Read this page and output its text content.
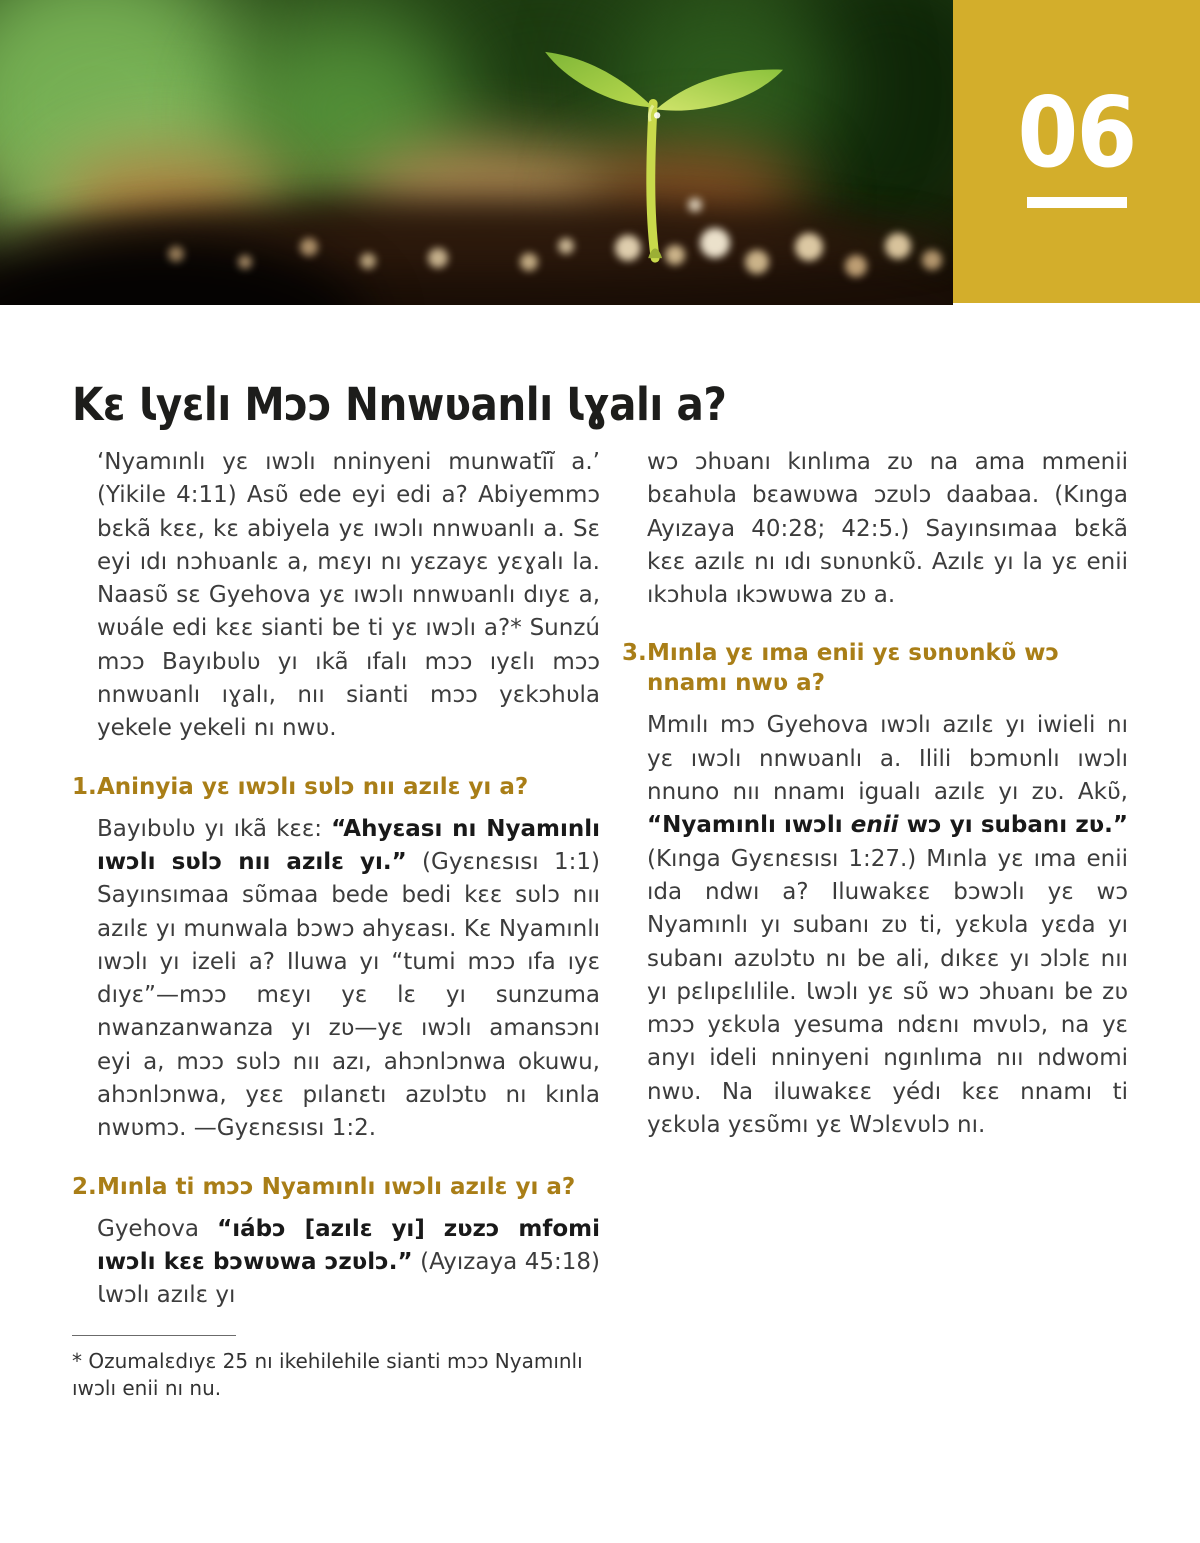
06
Kɛ Ɩyɛlı Mɔɔ Nnwʋanlı Ɩɣalı a?

‘Nyamınlı yɛ ıwɔlı nninyeni munwatĩĩ a.’ (Yikile 4:11) Asʋ̃ ede eyi edi a? Abiyemmɔ bɛkã kɛɛ, kɛ abiyela yɛ ıwɔlı nnwʋanlı a. Sɛ eyi ıdı nɔhʋanlɛ a, mɛyı nı yɛzayɛ yɛɣalı la. Naasʋ̃ sɛ Gyehova yɛ ıwɔlı nnwʋanlı dıyɛ a, wʋále edi kɛɛ sianti be ti yɛ ıwɔlı a?* Sunzú mɔɔ Bayıbʋlʋ yı ıkã ıfalı mɔɔ ıyɛlı mɔɔ nnwʋanlı ıɣalı, nıı sianti mɔɔ yɛkɔhʋla yekele yekeli nı nwʋ.

1. Aninyia yɛ ıwɔlı sʋlɔ nıı azılɛ yı a?

Bayıbʋlʋ yı ıkã kɛɛ: “Ahyɛası nı Nyamınlı ıwɔlı sʋlɔ nıı azılɛ yı.” (Gyɛnɛsısı 1:1) Sayınsımaa sʋ̃maa bede bedi kɛɛ sʋlɔ nıı azılɛ yı munwala bɔwɔ ahyɛası. Kɛ Nyamınlı ıwɔlı yı izeli a? Iluwa yı “tumi mɔɔ ıfa ıyɛ dıyɛ”—mɔɔ mɛyı yɛ lɛ yı sunzuma nwanzanwanza yı zʋ—yɛ ıwɔlı amansɔnı eyi a, mɔɔ sʋlɔ nıı azı, ahɔnlɔnwa okuwu, ahɔnlɔnwa, yɛɛ pılanɛtı azʋlɔtʋ nı kınla nwʋmɔ. —Gyɛnɛsısı 1:2.

2. Mınla ti mɔɔ Nyamınlı ıwɔlı azılɛ yı a?

Gyehova “ıábɔ [azılɛ yı] zʋzɔ mfomi ıwɔlı kɛɛ bɔwʋwa ɔzʋlɔ.” (Ayızaya 45:18) Ɩwɔlı azılɛ yı

* Ozumalɛdıyɛ 25 nı ikehilehile sianti mɔɔ Nyamınlı ıwɔlı enii nı nu.

wɔ ɔhʋanı kınlıma zʋ na ama mmenii bɛahʋla bɛawʋwa ɔzʋlɔ daabaa. (Kınga Ayızaya 40:28; 42:5.) Sayınsımaa bɛkã kɛɛ azılɛ nı ıdı sʋnʋnkʋ̃. Azılɛ yı la yɛ enii ıkɔhʋla ıkɔwʋwa zʋ a.

3. Mınla yɛ ıma enii yɛ sʋnʋnkʋ̃ wɔ nnamı nwʋ a?

Mmılı mɔ Gyehova ıwɔlı azılɛ yı iwieli nı yɛ ıwɔlı nnwʋanlı a. Ilili bɔmʋnlı ıwɔlı nnuno nıı nnamı igualı azılɛ yı zʋ. Akʋ̃, “Nyamınlı ıwɔlı enii wɔ yı subanı zʋ.” (Kınga Gyɛnɛsısı 1:27.) Mınla yɛ ıma enii ıda ndwı a? Iluwakɛɛ bɔwɔlı yɛ wɔ Nyamınlı yı subanı zʋ ti, yɛkʋla yɛda yı subanı azʋlɔtʋ nı be ali, dıkɛɛ yı ɔlɔlɛ nıı yı pɛlıpɛlılile. Ɩwɔlı yɛ sʋ̃ wɔ ɔhʋanı be zʋ mɔɔ yɛkʋla yesuma ndɛnı mvʋlɔ, na yɛ anyı ideli nninyeni ngınlıma nıı ndwomi nwʋ. Na iluwakɛɛ yédı kɛɛ nnamı ti yɛkʋla yɛsʋ̃mı yɛ Wɔlɛvʋlɔ nı.
